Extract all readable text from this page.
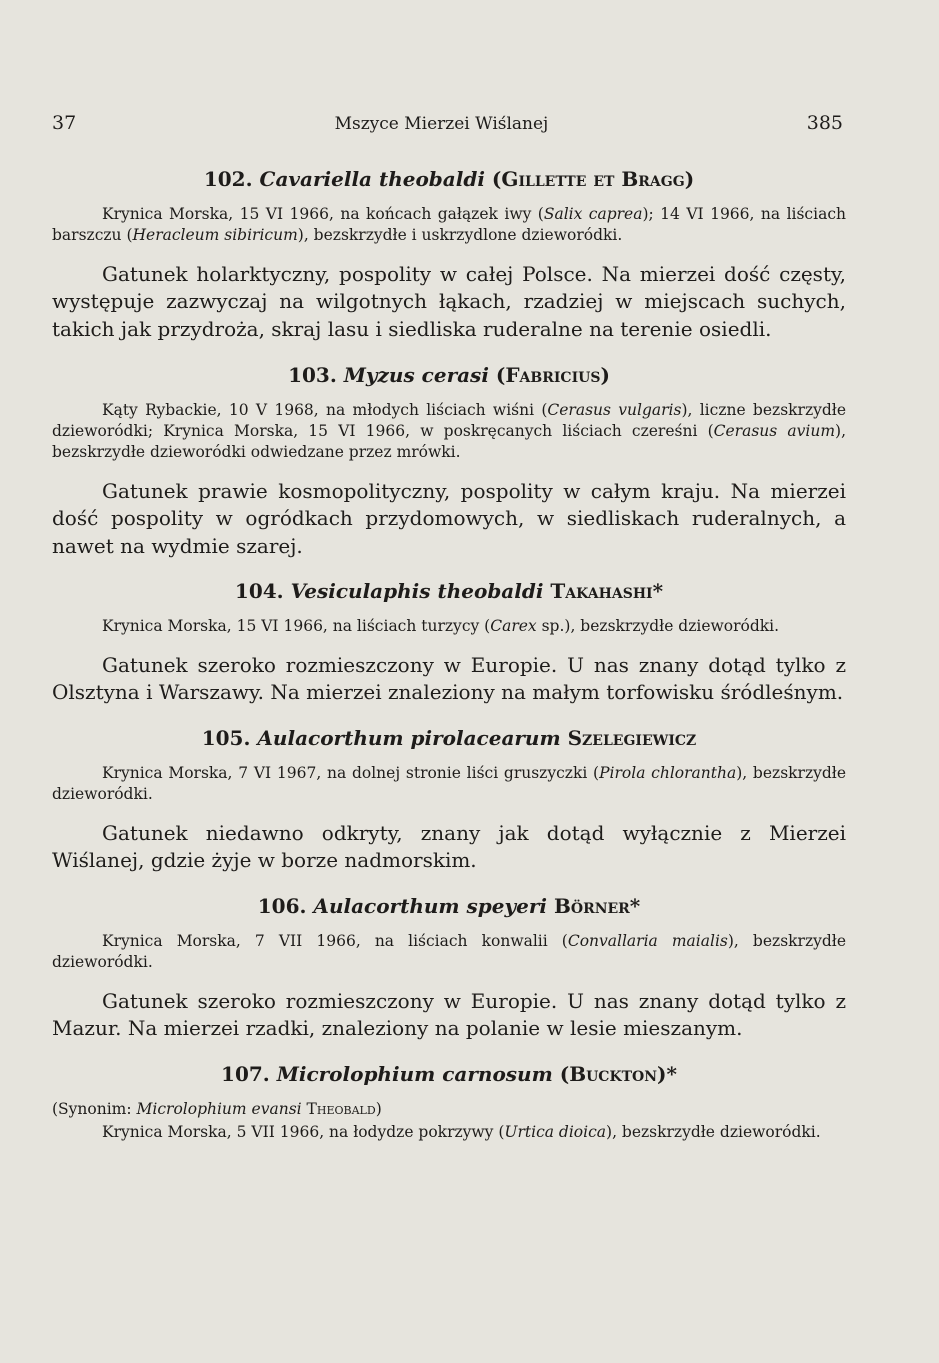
37	Mszyce Mierzei Wiślanej	385
102. Cavariella theobaldi (Gillette et Bragg)

Krynica Morska, 15 VI 1966, na końcach gałązek iwy (Salix caprea); 14 VI 1966, na liściach barszczu (Heracleum sibiricum), bezskrzydłe i uskrzydlone dzieworódki.

Gatunek holarktyczny, pospolity w całej Polsce. Na mierzei dość częsty, występuje zazwyczaj na wilgotnych łąkach, rzadziej w miejscach suchych, takich jak przydroża, skraj lasu i siedliska ruderalne na terenie osiedli.

103. Myzus cerasi (Fabricius)

Kąty Rybackie, 10 V 1968, na młodych liściach wiśni (Cerasus vulgaris), liczne bezskrzydłe dzieworódki; Krynica Morska, 15 VI 1966, w poskręcanych liściach czereśni (Cerasus avium), bezskrzydłe dzieworódki odwiedzane przez mrówki.

Gatunek prawie kosmopolityczny, pospolity w całym kraju. Na mierzei dość pospolity w ogródkach przydomowych, w siedliskach ruderalnych, a nawet na wydmie szarej.

104. Vesiculaphis theobaldi Takahashi*

Krynica Morska, 15 VI 1966, na liściach turzycy (Carex sp.), bezskrzydłe dzieworódki.

Gatunek szeroko rozmieszczony w Europie. U nas znany dotąd tylko z Olsztyna i Warszawy. Na mierzei znaleziony na małym torfowisku śródleśnym.

105. Aulacorthum pirolacearum Szelegiewicz

Krynica Morska, 7 VI 1967, na dolnej stronie liści gruszyczki (Pirola chlorantha), bezskrzydłe dzieworódki.

Gatunek niedawno odkryty, znany jak dotąd wyłącznie z Mierzei Wiślanej, gdzie żyje w borze nadmorskim.

106. Aulacorthum speyeri Börner*

Krynica Morska, 7 VII 1966, na liściach konwalii (Convallaria maialis), bezskrzydłe dzieworódki.

Gatunek szeroko rozmieszczony w Europie. U nas znany dotąd tylko z Mazur. Na mierzei rzadki, znaleziony na polanie w lesie mieszanym.

107. Microlophium carnosum (Buckton)*

(Synonim: Microlophium evansi Theobald)

Krynica Morska, 5 VII 1966, na łodydze pokrzywy (Urtica dioica), bezskrzydłe dzieworódki.
